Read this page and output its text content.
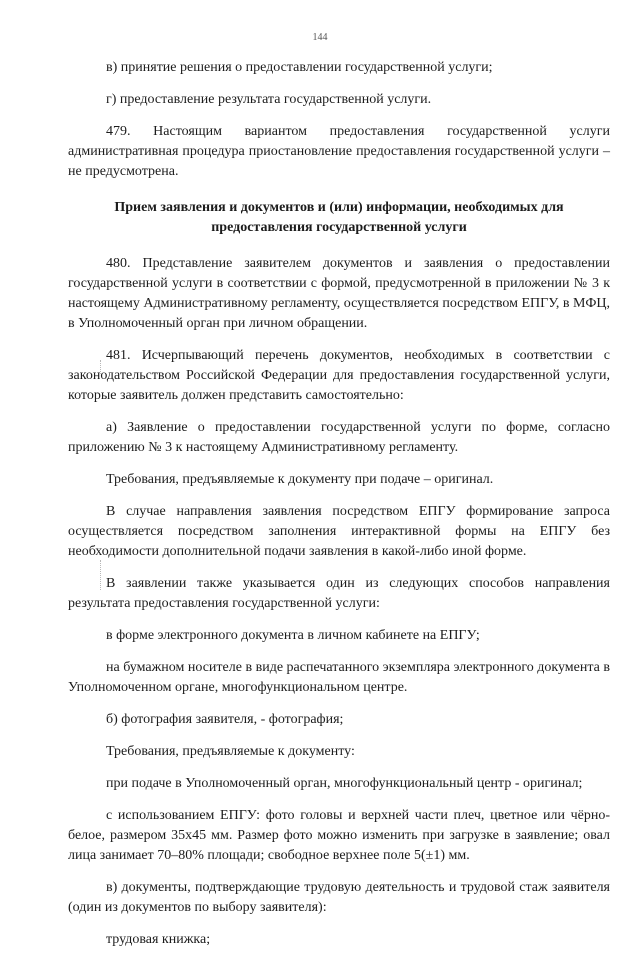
144

в) принятие решения о предоставлении государственной услуги;

г) предоставление результата государственной услуги.

479. Настоящим вариантом предоставления государственной услуги административная процедура приостановление предоставления государственной услуги – не предусмотрена.

Прием заявления и документов и (или) информации, необходимых для предоставления государственной услуги

480. Представление заявителем документов и заявления о предоставлении государственной услуги в соответствии с формой, предусмотренной в приложении № 3 к настоящему Административному регламенту, осуществляется посредством ЕПГУ, в МФЦ, в Уполномоченный орган при личном обращении.

481. Исчерпывающий перечень документов, необходимых в соответствии с законодательством Российской Федерации для предоставления государственной услуги, которые заявитель должен представить самостоятельно:

а) Заявление о предоставлении государственной услуги по форме, согласно приложению № 3 к настоящему Административному регламенту.

Требования, предъявляемые к документу при подаче – оригинал.

В случае направления заявления посредством ЕПГУ формирование запроса осуществляется посредством заполнения интерактивной формы на ЕПГУ без необходимости дополнительной подачи заявления в какой-либо иной форме.

В заявлении также указывается один из следующих способов направления результата предоставления государственной услуги:

в форме электронного документа в личном кабинете на ЕПГУ;

на бумажном носителе в виде распечатанного экземпляра электронного документа в Уполномоченном органе, многофункциональном центре.

б) фотография заявителя, - фотография;

Требования, предъявляемые к документу:

при подаче в Уполномоченный орган, многофункциональный центр - оригинал;

с использованием ЕПГУ: фото головы и верхней части плеч, цветное или чёрно-белое, размером 35х45 мм. Размер фото можно изменить при загрузке в заявление; овал лица занимает 70–80% площади; свободное верхнее поле 5(±1) мм.

в) документы, подтверждающие трудовую деятельность и трудовой стаж заявителя (один из документов по выбору заявителя):

трудовая книжка;
